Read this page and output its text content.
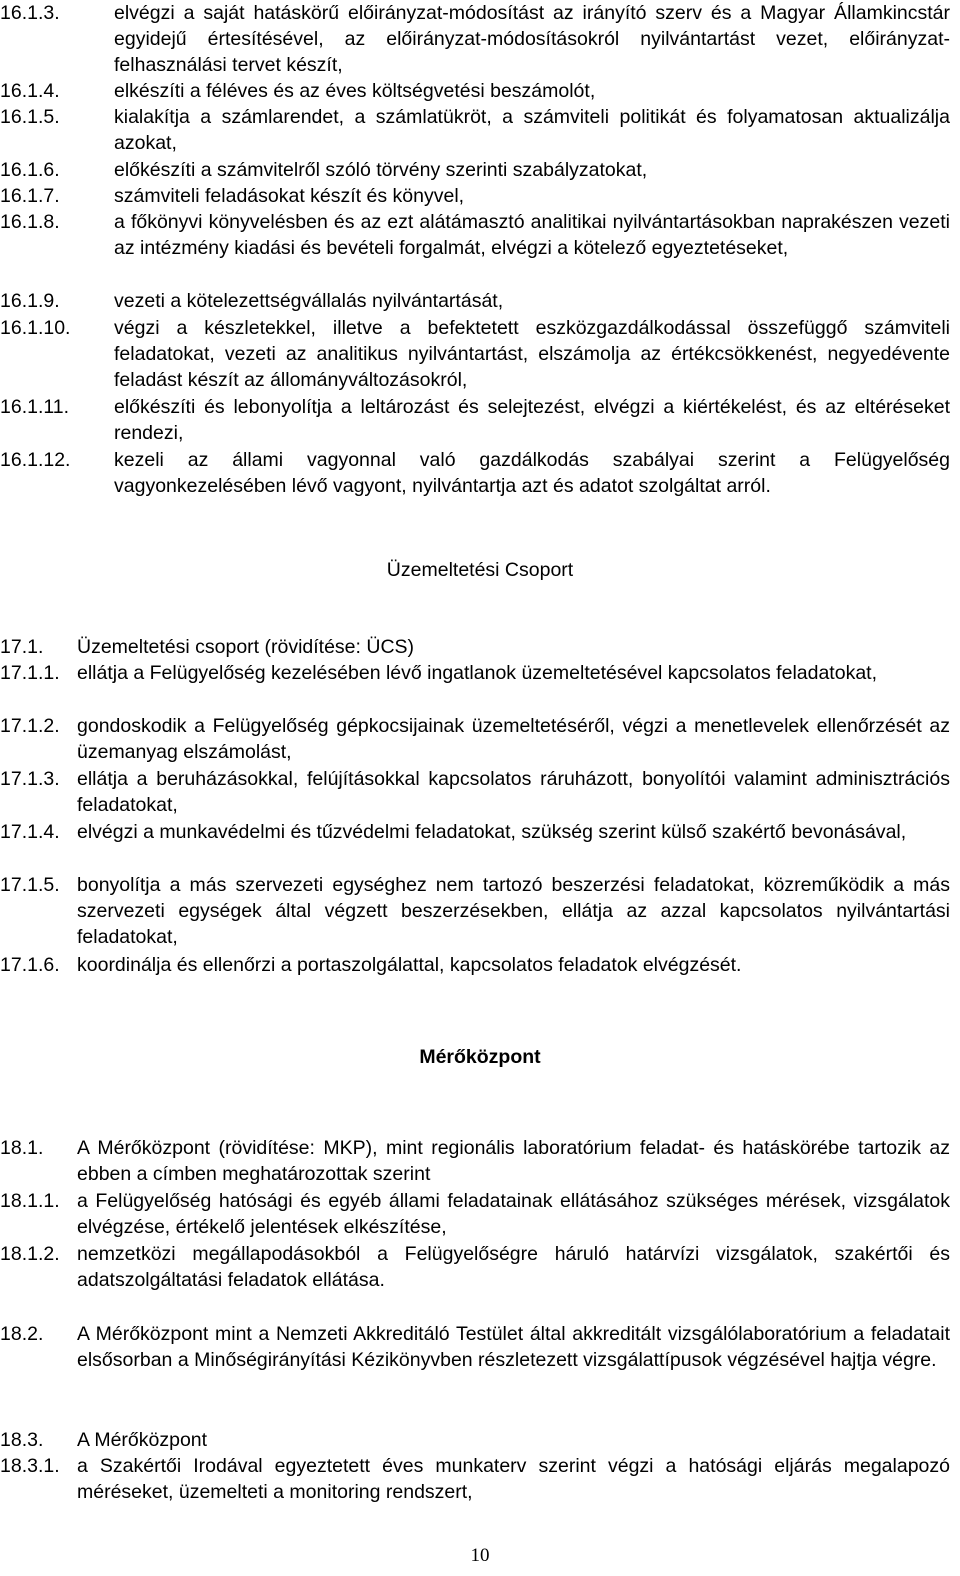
16.1.3.	elvégzi a saját hatáskörű előirányzat-módosítást az irányító szerv és a Magyar Államkincstár egyidejű értesítésével, az előirányzat-módosításokról nyilvántartást vezet, előirányzat-felhasználási tervet készít,
16.1.4.	elkészíti a féléves és az éves költségvetési beszámolót,
16.1.5.	kialakítja a számlarendet, a számlatükröt, a számviteli politikát és folyamatosan aktualizálja azokat,
16.1.6.	előkészíti a számvitelről szóló törvény szerinti szabályzatokat,
16.1.7.	számviteli feladásokat készít és könyvel,
16.1.8.	a főkönyvi könyvelésben és az ezt alátámasztó analitikai nyilvántartásokban naprakészen vezeti az intézmény kiadási és bevételi forgalmát, elvégzi a kötelező egyeztetéseket,
16.1.9.	vezeti a kötelezettségvállalás nyilvántartását,
16.1.10. végzi a készletekkel, illetve a befektetett eszközgazdálkodással összefüggő számviteli feladatokat, vezeti az analitikus nyilvántartást, elszámolja az értékcsökkenést, negyedévente feladást készít az állományváltozásokról,
16.1.11. előkészíti és lebonyolítja a leltározást és selejtezést, elvégzi a kiértékelést, és az eltéréseket rendezi,
16.1.12. kezeli az állami vagyonnal való gazdálkodás szabályai szerint a Felügyelőség vagyonkezelésében lévő vagyont, nyilvántartja azt és adatot szolgáltat arról.
Üzemeltetési Csoport
17.1. Üzemeltetési csoport (rövidítése: ÜCS)
17.1.1. ellátja a Felügyelőség kezelésében lévő ingatlanok üzemeltetésével kapcsolatos feladatokat,
17.1.2. gondoskodik a Felügyelőség gépkocsijainak üzemeltetéséről, végzi a menetlevelek ellenőrzését az üzemanyag elszámolást,
17.1.3. ellátja a beruházásokkal, felújításokkal kapcsolatos ráruházott, bonyolítói valamint adminisztrációs feladatokat,
17.1.4. elvégzi a munkavédelmi és tűzvédelmi feladatokat, szükség szerint külső szakértő bevonásával,
17.1.5. bonyolítja a más szervezeti egységhez nem tartozó beszerzési feladatokat, közreműködik a más szervezeti egységek által végzett beszerzésekben, ellátja az azzal kapcsolatos nyilvántartási feladatokat,
17.1.6. koordinálja és ellenőrzi a portaszolgálattal, kapcsolatos feladatok elvégzését.
Mérőközpont
18.1. A Mérőközpont (rövidítése: MKP), mint regionális laboratórium feladat- és hatáskörébe tartozik az ebben a címben meghatározottak szerint
18.1.1. a Felügyelőség hatósági és egyéb állami feladatainak ellátásához szükséges mérések, vizsgálatok elvégzése, értékelő jelentések elkészítése,
18.1.2. nemzetközi megállapodásokból a Felügyelőségre háruló határvízi vizsgálatok, szakértői és adatszolgáltatási feladatok ellátása.
18.2. A Mérőközpont mint a Nemzeti Akkreditáló Testület által akkreditált vizsgálólaboratórium a feladatait elsősorban a Minőségirányítási Kézikönyvben részletezett vizsgálattípusok végzésével hajtja végre.
18.3. A Mérőközpont
18.3.1. a Szakértői Irodával egyeztetett éves munkaterv szerint végzi a hatósági eljárás megalapozó méréseket, üzemelteti a monitoring rendszert,
10
